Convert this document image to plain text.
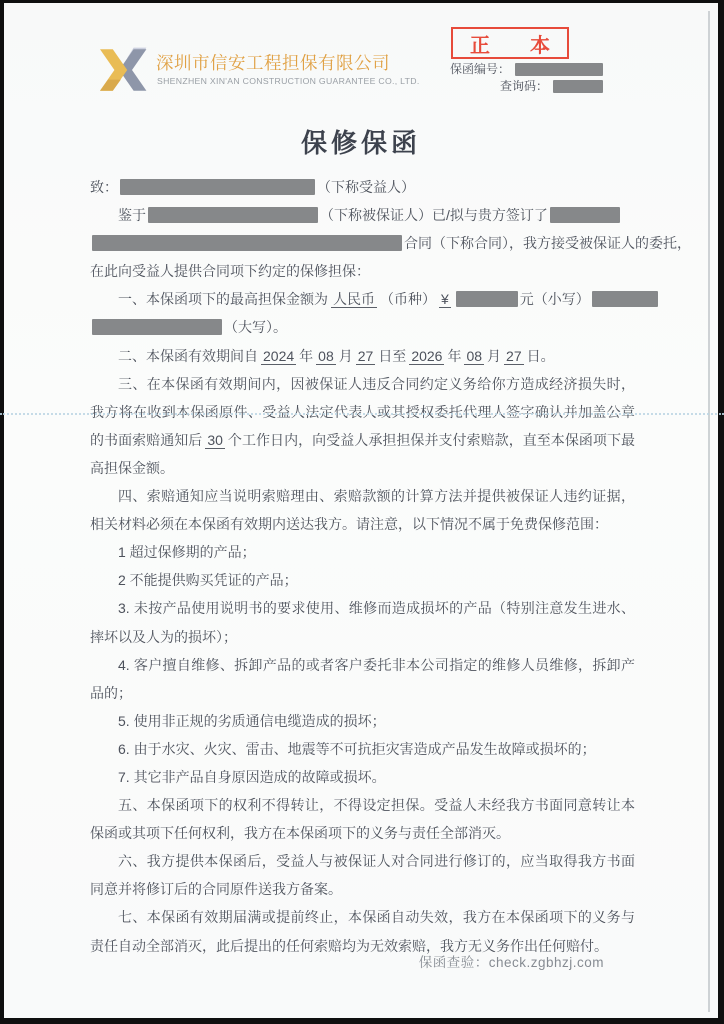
深圳市信安工程担保有限公司
SHENZHEN XIN'AN CONSTRUCTION GUARANTEE CO., LTD.
正　　本
保函编号：
查询码：
保修保函
致：	（下称受益人）
鉴于	（下称被保证人）已/拟与贵方签订了
合同（下称合同），我方接受被保证人的委托，
在此向受益人提供合同项下约定的保修担保：
一、本保函项下的最高担保金额为 人民币 （币种） ¥	元（小写）
（大写）。
二、本保函有效期间自 2024 年 08 月 27 日至 2026 年 08 月 27 日。

三、在本保函有效期间内，因被保证人违反合同约定义务给你方造成经济损失时，我方将在收到本保函原件、受益人法定代表人或其授权委托代理人签字确认并加盖公章的书面索赔通知后 30 个工作日内，向受益人承担担保并支付索赔款，直至本保函项下最高担保金额。

四、索赔通知应当说明索赔理由、索赔款额的计算方法并提供被保证人违约证据，相关材料必须在本保函有效期内送达我方。请注意，以下情况不属于免费保修范围：

1 超过保修期的产品；

2 不能提供购买凭证的产品；

3. 未按产品使用说明书的要求使用、维修而造成损坏的产品（特别注意发生进水、摔坏以及人为的损坏）；

4. 客户擅自维修、拆卸产品的或者客户委托非本公司指定的维修人员维修，拆卸产品的；

5. 使用非正规的劣质通信电缆造成的损坏；

6. 由于水灾、火灾、雷击、地震等不可抗拒灾害造成产品发生故障或损坏的；

7. 其它非产品自身原因造成的故障或损坏。

五、本保函项下的权利不得转让，不得设定担保。受益人未经我方书面同意转让本保函或其项下任何权利，我方在本保函项下的义务与责任全部消灭。

六、我方提供本保函后，受益人与被保证人对合同进行修订的，应当取得我方书面同意并将修订后的合同原件送我方备案。

七、本保函有效期届满或提前终止，本保函自动失效，我方在本保函项下的义务与责任自动全部消灭，此后提出的任何索赔均为无效索赔，我方无义务作出任何赔付。

保函查验：check.zgbhzj.com
